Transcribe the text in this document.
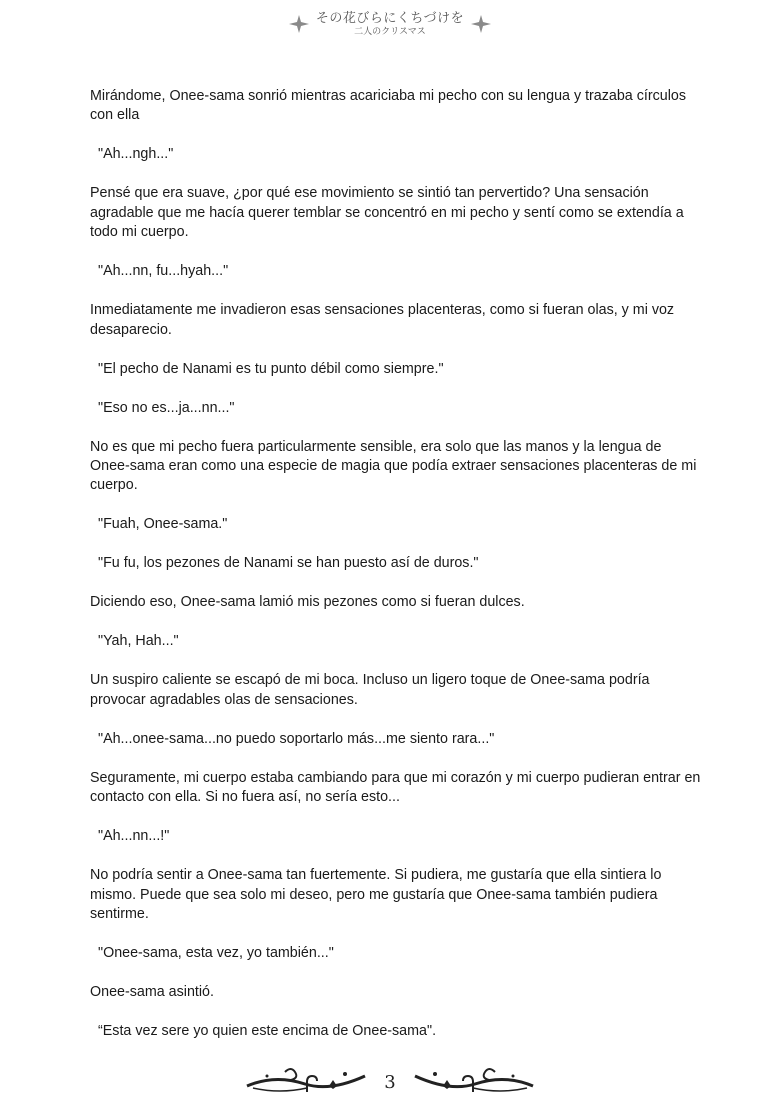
その花びらにくちづけを
二人のクリスマス

Mirándome, Onee-sama sonrió mientras acariciaba mi pecho con su lengua y trazaba círculos con ella

"Ah...ngh..."

Pensé que era suave, ¿por qué ese movimiento se sintió tan pervertido? Una sensación agradable que me hacía querer temblar se concentró en mi pecho y sentí como se extendía a todo mi cuerpo.

"Ah...nn, fu...hyah..."

Inmediatamente me invadieron esas sensaciones placenteras, como si fueran olas, y mi voz desaparecio.

"El pecho de Nanami es tu punto débil como siempre."

"Eso no es...ja...nn..."

No es que mi pecho fuera particularmente sensible, era solo que las manos y la lengua de Onee-sama eran como una especie de magia que podía extraer sensaciones placenteras de mi cuerpo.

"Fuah, Onee-sama."

"Fu fu, los pezones de Nanami se han puesto así de duros."

Diciendo eso, Onee-sama lamió mis pezones como si fueran dulces.

"Yah, Hah..."

Un suspiro caliente se escapó de mi boca. Incluso un ligero toque de Onee-sama podría provocar agradables olas de sensaciones.

"Ah...onee-sama...no puedo soportarlo más...me siento rara..."

Seguramente, mi cuerpo estaba cambiando para que mi corazón y mi cuerpo pudieran entrar en contacto con ella. Si no fuera así, no sería esto...

"Ah...nn...!"

No podría sentir a Onee-sama tan fuertemente. Si pudiera, me gustaría que ella sintiera lo mismo. Puede que sea solo mi deseo, pero me gustaría que Onee-sama también pudiera sentirme.

"Onee-sama, esta vez, yo también..."

Onee-sama asintió.

“Esta vez sere yo quien este encima de Onee-sama".

3
